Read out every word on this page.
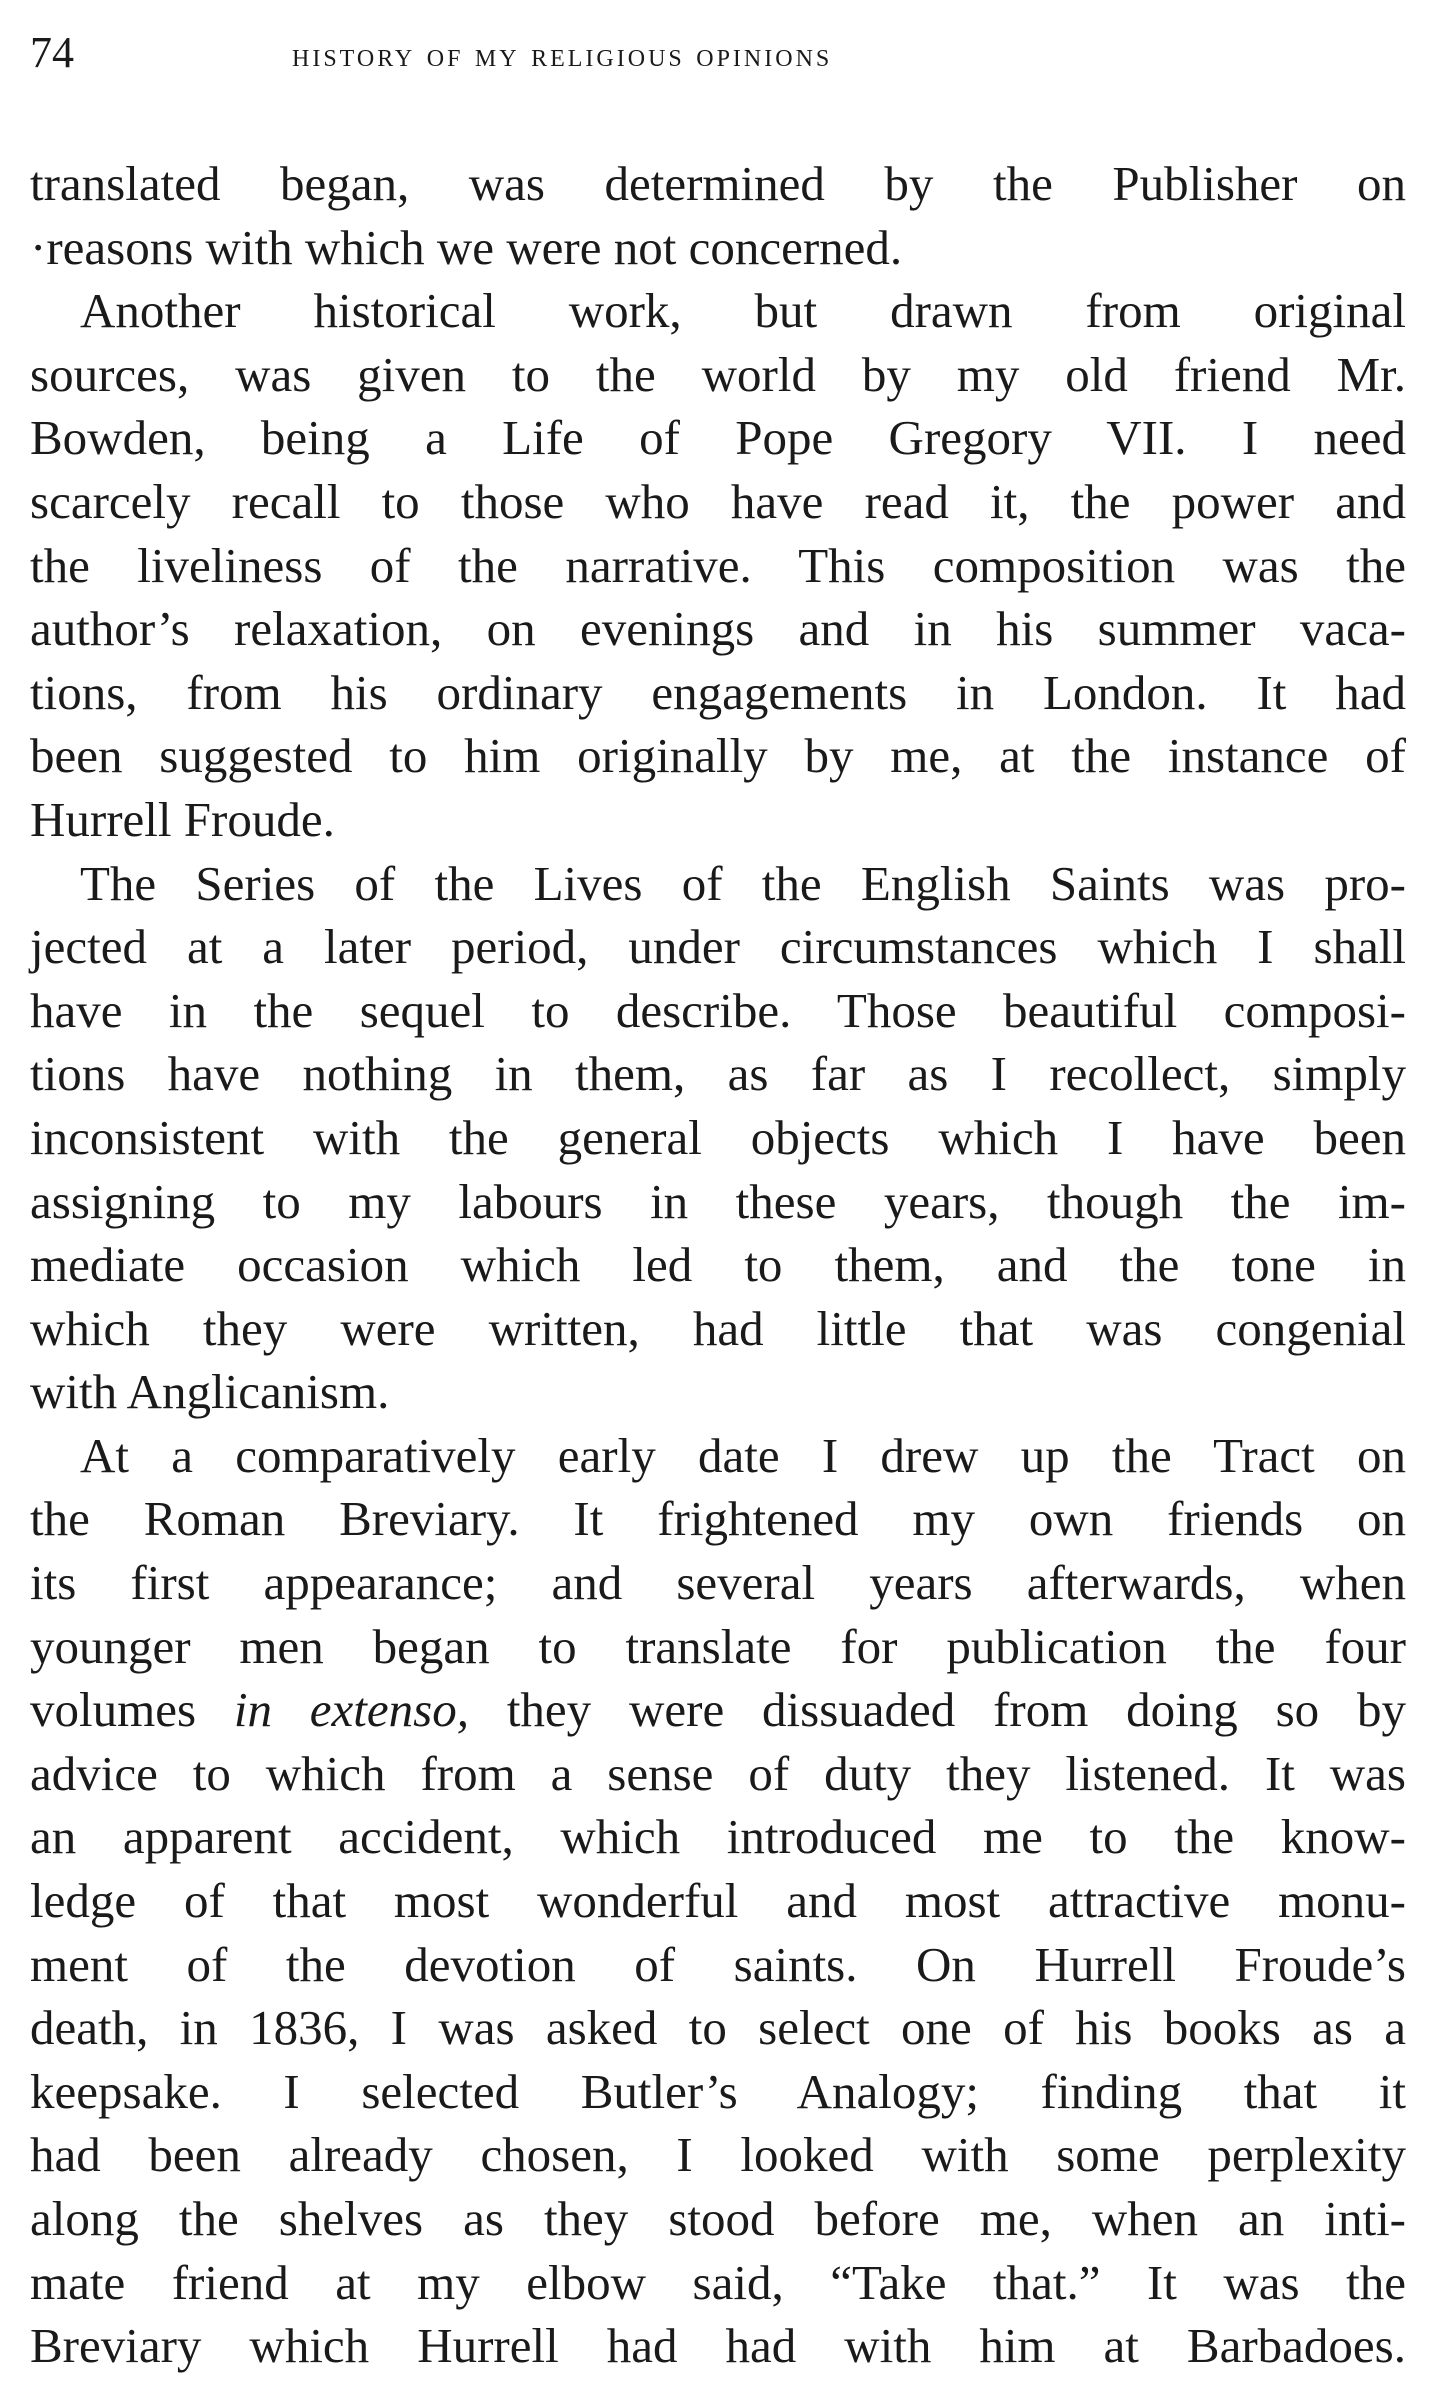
74	history of my religious opinions
translated began, was determined by the Publisher on
·reasons with which we were not concerned.
Another historical work, but drawn from original
sources, was given to the world by my old friend Mr.
Bowden, being a Life of Pope Gregory VII. I need
scarcely recall to those who have read it, the power and
the liveliness of the narrative. This composition was the
author’s relaxation, on evenings and in his summer vaca-
tions, from his ordinary engagements in London. It had
been suggested to him originally by me, at the instance of
Hurrell Froude.
The Series of the Lives of the English Saints was pro-
jected at a later period, under circumstances which I shall
have in the sequel to describe. Those beautiful composi-
tions have nothing in them, as far as I recollect, simply
inconsistent with the general objects which I have been
assigning to my labours in these years, though the im-
mediate occasion which led to them, and the tone in
which they were written, had little that was congenial
with Anglicanism.
At a comparatively early date I drew up the Tract on
the Roman Breviary. It frightened my own friends on
its first appearance; and several years afterwards, when
younger men began to translate for publication the four
volumes in extenso, they were dissuaded from doing so by
advice to which from a sense of duty they listened. It was
an apparent accident, which introduced me to the know-
ledge of that most wonderful and most attractive monu-
ment of the devotion of saints. On Hurrell Froude’s
death, in 1836, I was asked to select one of his books as a
keepsake. I selected Butler’s Analogy; finding that it
had been already chosen, I looked with some perplexity
along the shelves as they stood before me, when an inti-
mate friend at my elbow said, “Take that.” It was the
Breviary which Hurrell had had with him at Barbadoes.
